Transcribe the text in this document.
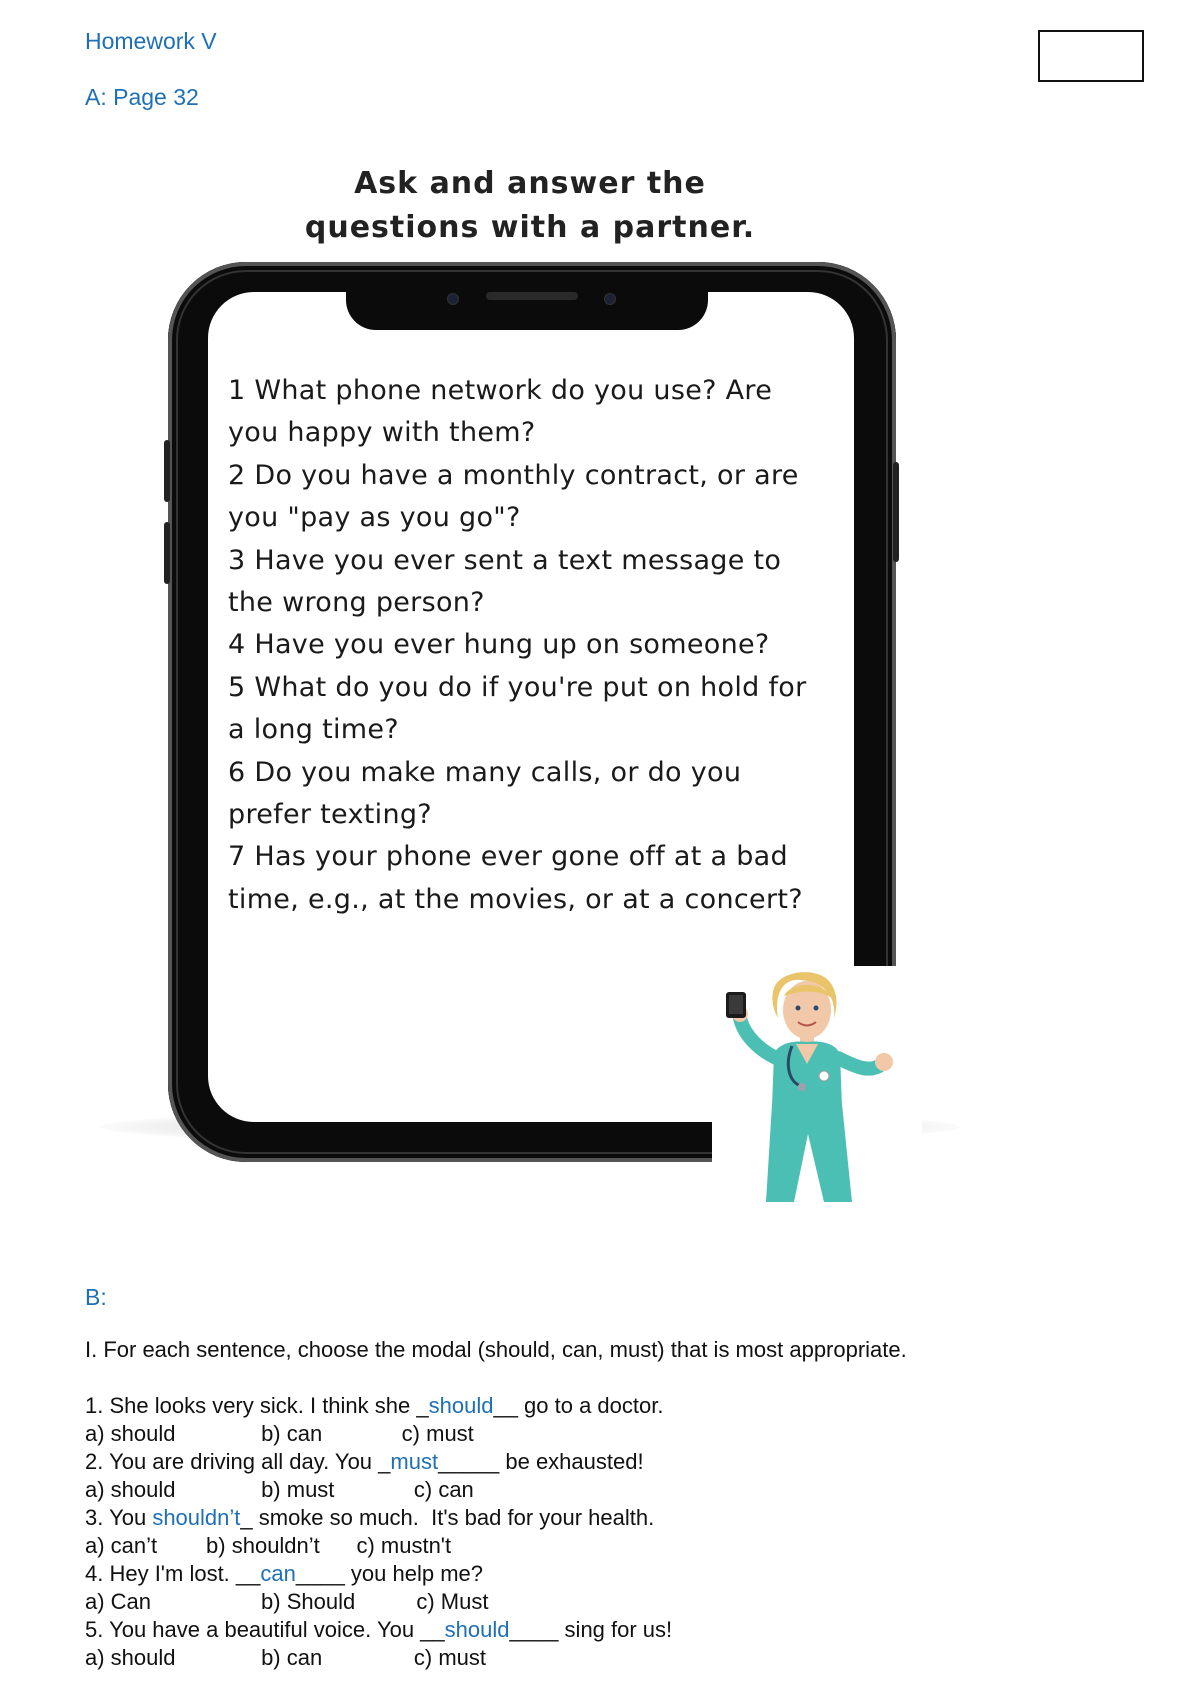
Homework V
A: Page 32
Ask and answer the
questions with a partner.

1 What phone network do you use? Are you happy with them?

2 Do you have a monthly contract, or are you "pay as you go"?

3 Have you ever sent a text message to the wrong person?

4 Have you ever hung up on someone?

5 What do you do if you're put on hold for a long time?

6 Do you make many calls, or do you prefer texting?

7 Has your phone ever gone off at a bad time, e.g., at the movies, or at a concert?

B:
I. For each sentence, choose the modal (should, can, must) that is most appropriate.
1. She looks very sick. I think she _should__ go to a doctor.
a) should              b) can             c) must
2. You are driving all day. You _must_____ be exhausted!
a) should              b) must             c) can
3. You shouldn’t_ smoke so much.  It's bad for your health.
a) can’t        b) shouldn’t      c) mustn't
4. Hey I'm lost. __can____ you help me?
a) Can                  b) Should          c) Must
5. You have a beautiful voice. You __should____ sing for us!
a) should              b) can               c) must
